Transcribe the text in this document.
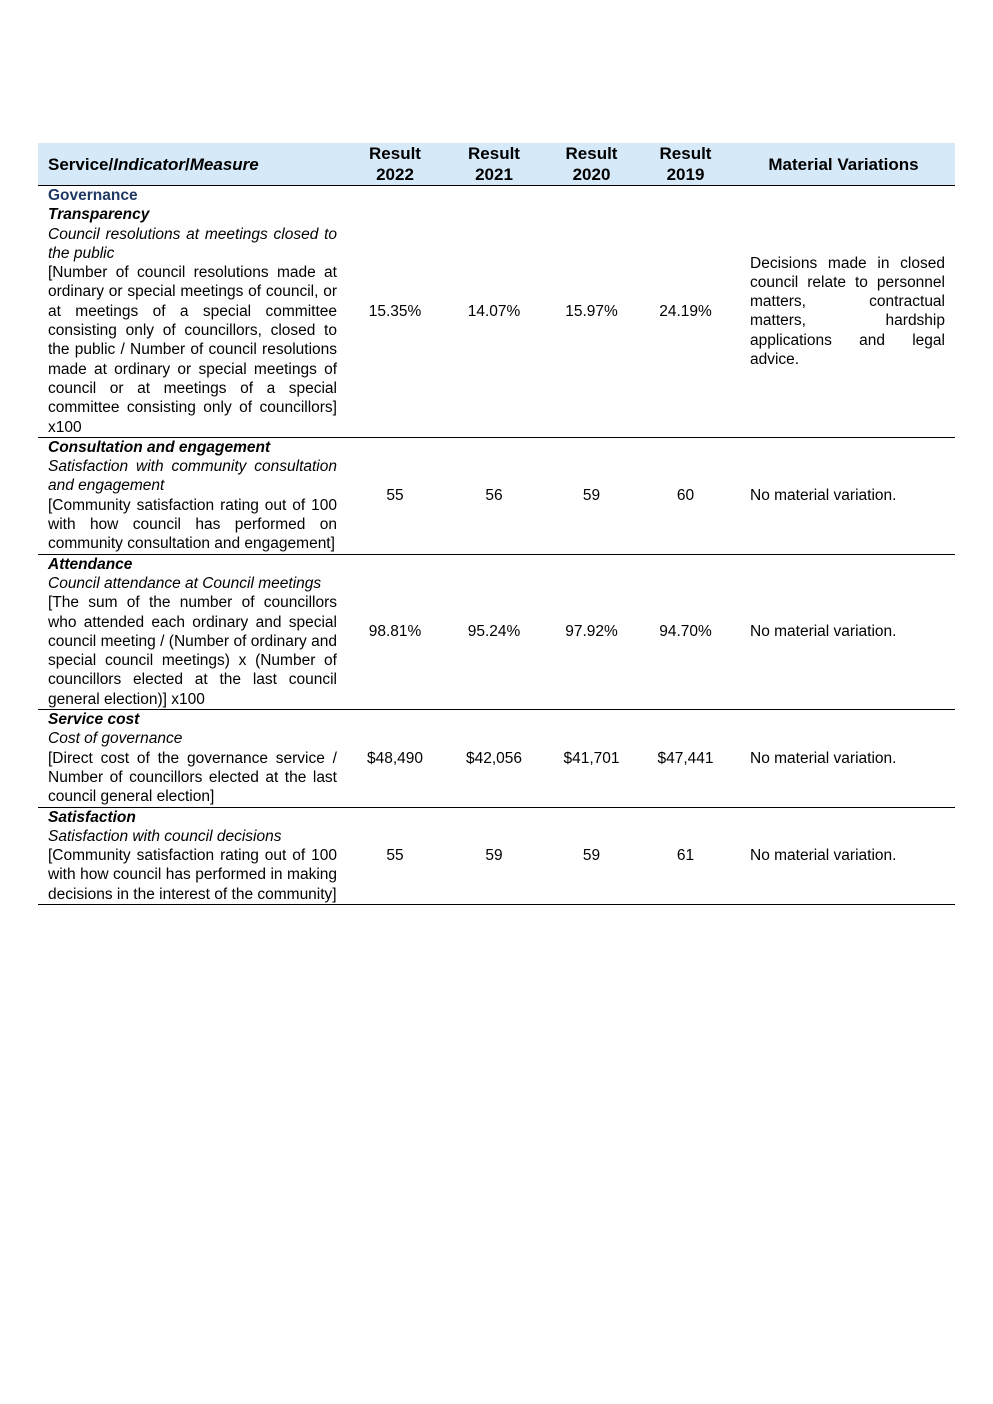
Service/Indicator/Measure	Result 2022	Result 2021	Result 2020	Result 2019	Material Variations

Governance
Transparency
Council resolutions at meetings closed to the public
[Number of council resolutions made at ordinary or special meetings of council, or at meetings of a special committee consisting only of councillors, closed to the public / Number of council resolutions made at ordinary or special meetings of council or at meetings of a special committee consisting only of councillors] x100	15.35%	14.07%	15.97%	24.19%	Decisions made in closed council relate to personnel matters, contractual matters, hardship applications and legal advice.

Consultation and engagement
Satisfaction with community consultation and engagement
[Community satisfaction rating out of 100 with how council has performed on community consultation and engagement]	55	56	59	60	No material variation.

Attendance
Council attendance at Council meetings
[The sum of the number of councillors who attended each ordinary and special council meeting / (Number of ordinary and special council meetings) x (Number of councillors elected at the last council general election)] x100	98.81%	95.24%	97.92%	94.70%	No material variation.

Service cost
Cost of governance
[Direct cost of the governance service / Number of councillors elected at the last council general election]	$48,490	$42,056	$41,701	$47,441	No material variation.

Satisfaction
Satisfaction with council decisions
[Community satisfaction rating out of 100 with how council has performed in making decisions in the interest of the community]	55	59	59	61	No material variation.
